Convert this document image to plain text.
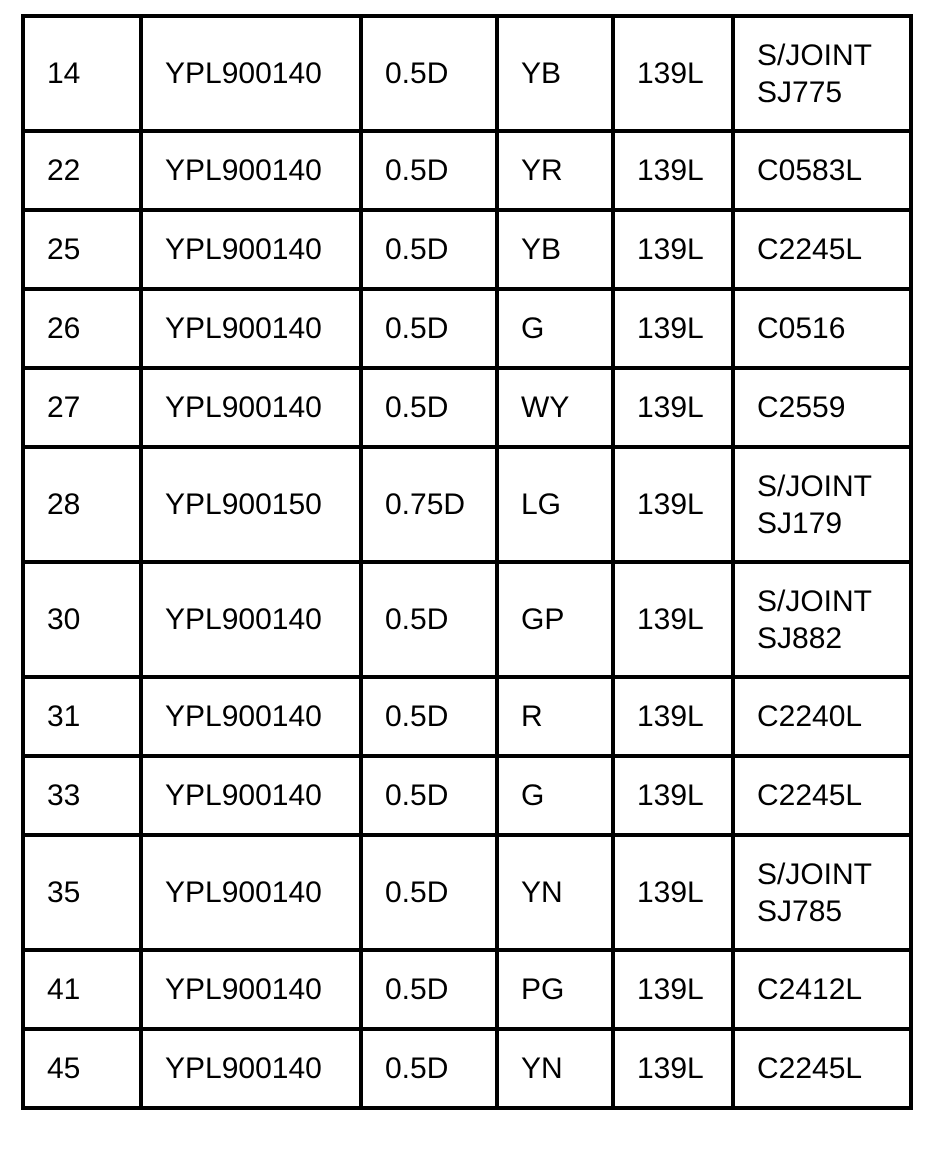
14	YPL900140	0.5D	YB	139L	S/JOINT
SJ775

22	YPL900140	0.5D	YR	139L	C0583L

25	YPL900140	0.5D	YB	139L	C2245L

26	YPL900140	0.5D	G	139L	C0516

27	YPL900140	0.5D	WY	139L	C2559

28	YPL900150	0.75D	LG	139L	S/JOINT
SJ179

30	YPL900140	0.5D	GP	139L	S/JOINT
SJ882

31	YPL900140	0.5D	R	139L	C2240L

33	YPL900140	0.5D	G	139L	C2245L

35	YPL900140	0.5D	YN	139L	S/JOINT
SJ785

41	YPL900140	0.5D	PG	139L	C2412L

45	YPL900140	0.5D	YN	139L	C2245L
